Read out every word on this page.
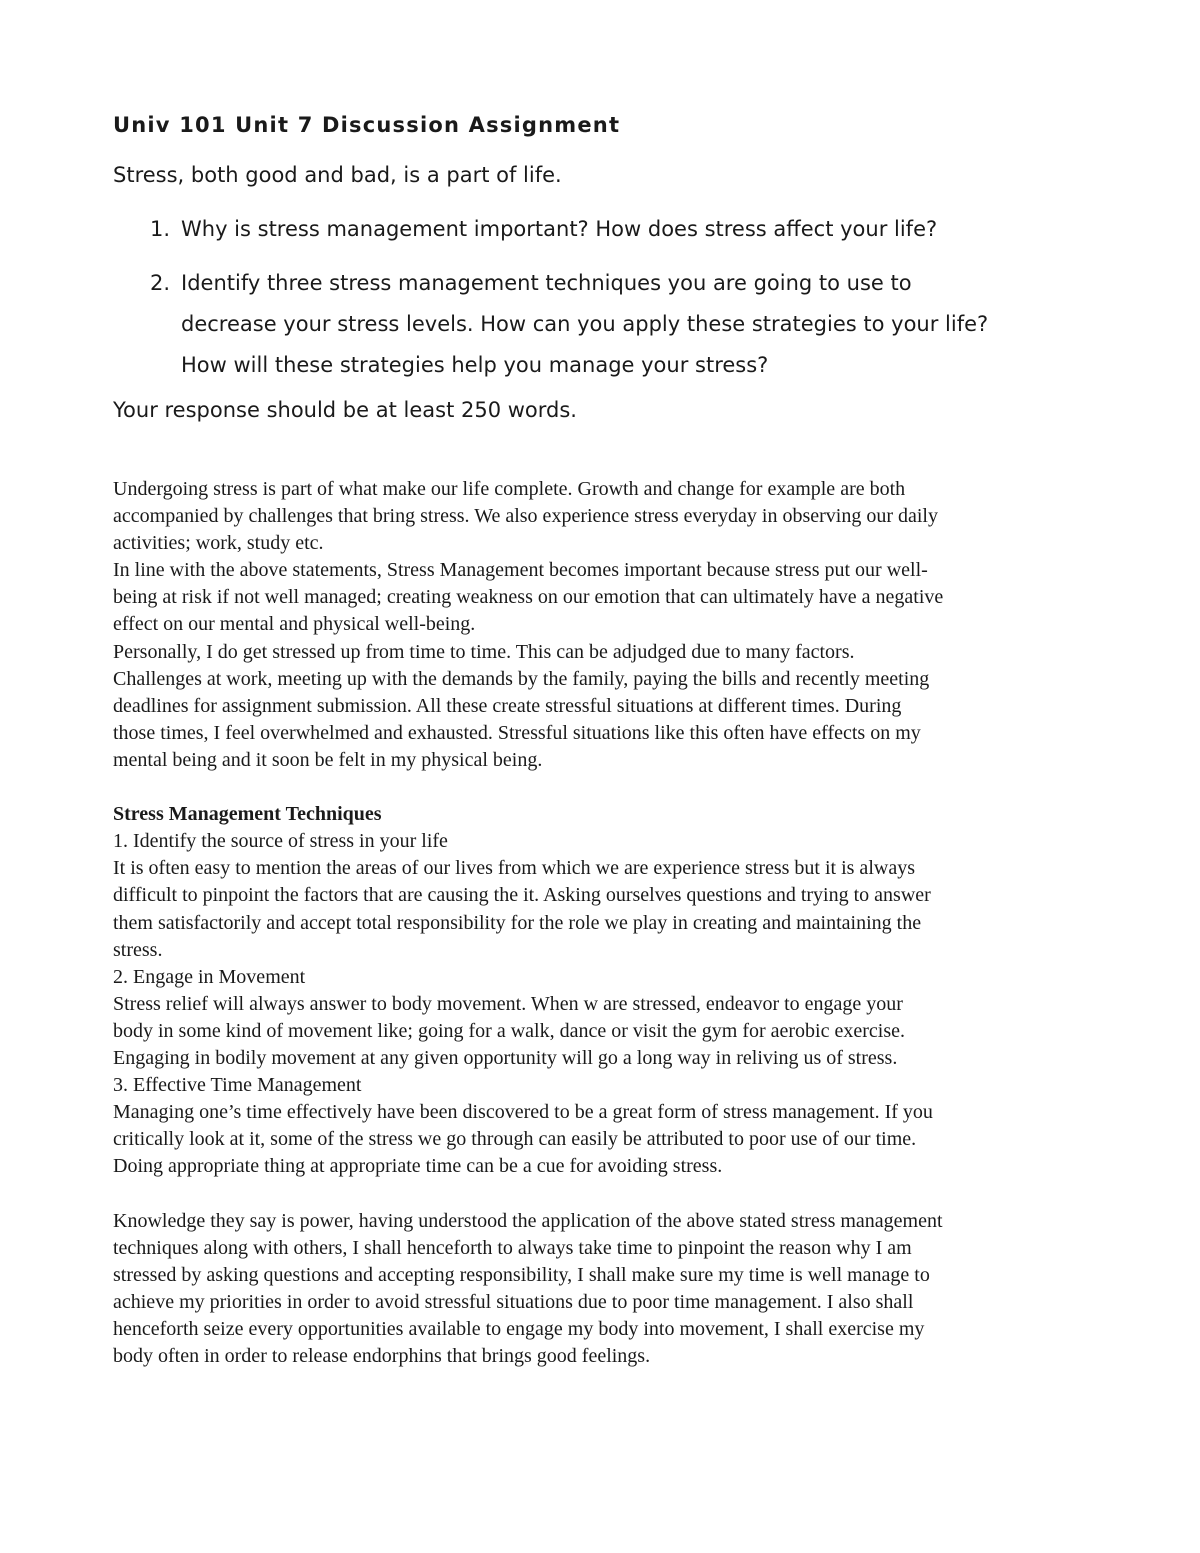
Univ 101 Unit 7 Discussion Assignment
Stress, both good and bad, is a part of life.
1. Why is stress management important? How does stress affect your life?
2. Identify three stress management techniques you are going to use to
decrease your stress levels. How can you apply these strategies to your life?
How will these strategies help you manage your stress?
Your response should be at least 250 words.
Undergoing stress is part of what make our life complete. Growth and change for example are both
accompanied by challenges that bring stress. We also experience stress everyday in observing our daily
activities; work, study etc.
In line with the above statements, Stress Management becomes important because stress put our well-
being at risk if not well managed; creating weakness on our emotion that can ultimately have a negative
effect on our mental and physical well-being.
Personally, I do get stressed up from time to time. This can be adjudged due to many factors.
Challenges at work, meeting up with the demands by the family, paying the bills and recently meeting
deadlines for assignment submission. All these create stressful situations at different times. During
those times, I feel overwhelmed and exhausted. Stressful situations like this often have effects on my
mental being and it soon be felt in my physical being.
Stress Management Techniques
1. Identify the source of stress in your life
It is often easy to mention the areas of our lives from which we are experience stress but it is always
difficult to pinpoint the factors that are causing the it. Asking ourselves questions and trying to answer
them satisfactorily and accept total responsibility for the role we play in creating and maintaining the
stress.
2. Engage in Movement
Stress relief will always answer to body movement. When w are stressed, endeavor to engage your
body in some kind of movement like; going for a walk, dance or visit the gym for aerobic exercise.
Engaging in bodily movement at any given opportunity will go a long way in reliving us of stress.
3. Effective Time Management
Managing one’s time effectively have been discovered to be a great form of stress management. If you
critically look at it, some of the stress we go through can easily be attributed to poor use of our time.
Doing appropriate thing at appropriate time can be a cue for avoiding stress.
Knowledge they say is power, having understood the application of the above stated stress management
techniques along with others, I shall henceforth to always take time to pinpoint the reason why I am
stressed by asking questions and accepting responsibility, I shall make sure my time is well manage to
achieve my priorities in order to avoid stressful situations due to poor time management. I also shall
henceforth seize every opportunities available to engage my body into movement, I shall exercise my
body often in order to release endorphins that brings good feelings.
